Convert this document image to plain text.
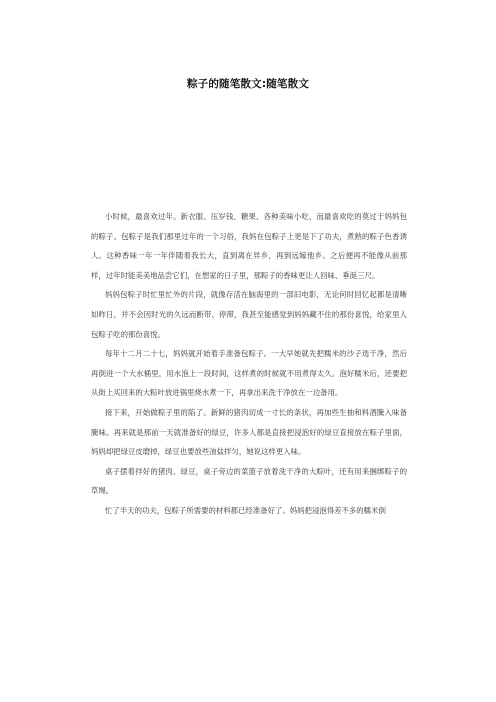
粽子的随笔散文:随笔散文

小时候，最喜欢过年。新衣服、压岁钱、糖果、各种美味小吃，而最喜欢吃的莫过于妈妈包的粽子。包粽子是我们那里过年的一个习俗，我妈在包粽子上更是下了功夫，煮熟的粽子色香诱人。这种香味一年一年伴随着我长大，直到离在异乡，再到远嫁他乡。之后便再不能像从前那样，过年时能美美地品尝它们，在想家的日子里，那粽子的香味更让人回味、垂涎三尺。

妈妈包粽子时忙里忙外的片段，就像存活在脑海里的一部旧电影，无论何时回忆起都是清晰如昨日，并不会因时光的久远而断带、停滞，我甚至能感觉到妈妈藏不住的那份喜悦，给家里人包粽子吃的那份喜悦。

每年十二月二十七，妈妈就开始着手准备包粽子。一大早她就先把糯米的沙子选干净，然后再倒进一个大水桶里，用水泡上一段时间，这样煮的时候就不用煮得太久。泡好糯米后，还要把从街上买回来的大粽叶放进锅里烧水煮一下，再拿出来洗干净放在一边备用。

接下来，开始做粽子里的陷了。新鲜的猪肉切成一寸长的条状，再加些生抽和料酒腌入味备腌味。再来就是那前一天就准备好的绿豆，许多人都是直接把浸泡好的绿豆直接放在粽子里面，妈妈却把绿豆皮磨掉，绿豆也要放些油盐拌匀，她说这样更入味。

桌子摆着拌好的猪肉、绿豆，桌子旁边的菜篮子放着洗干净的大粽叶，还有用来捆绑粽子的草绳。

忙了半天的功夫，包粽子所需要的材料都已经准备好了。妈妈把浸泡得差不多的糯米倒
